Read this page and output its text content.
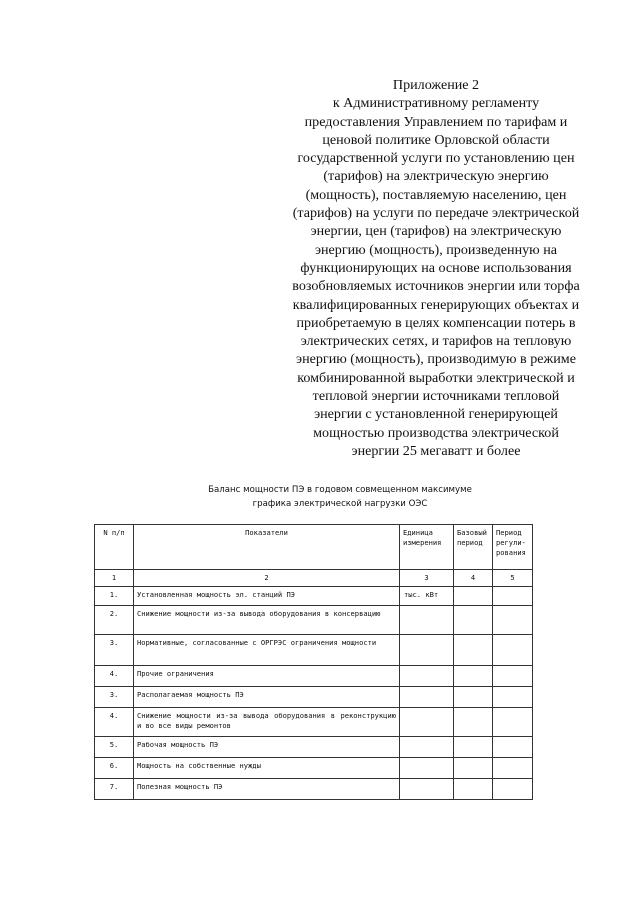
Приложение 2
к Административному регламенту
предоставления Управлением по тарифам и
ценовой политике Орловской области
государственной услуги по установлению цен
(тарифов) на электрическую энергию
(мощность), поставляемую населению, цен
(тарифов) на услуги по передаче электрической
энергии, цен (тарифов) на электрическую
энергию (мощность), произведенную на
функционирующих на основе использования
возобновляемых источников энергии или торфа
квалифицированных генерирующих объектах и
приобретаемую в целях компенсации потерь в
электрических сетях, и тарифов на тепловую
энергию (мощность), производимую в режиме
комбинированной выработки электрической и
тепловой энергии источниками тепловой
энергии с установленной генерирующей
мощностью производства электрической
энергии 25 мегаватт и более
Баланс мощности ПЭ в годовом совмещенном максимуме
графика электрической нагрузки ОЭС
N п/п	Показатели	Единица измерения	Базовый период	Период регули-рования
1	2	3	4	5
1.	Установленная мощность эл. станций ПЭ	тыс. кВт		
2.	Снижение мощности из-за вывода оборудования в консервацию			
3.	Нормативные, согласованные с ОРГРЭС ограничения мощности			
4.	Прочие ограничения			
3.	Располагаемая мощность ПЭ			
4.	Снижение мощности из-за вывода оборудования в реконструкцию и во все виды ремонтов			
5.	Рабочая мощность ПЭ			
6.	Мощность на собственные нужды			
7.	Полезная мощность ПЭ			
